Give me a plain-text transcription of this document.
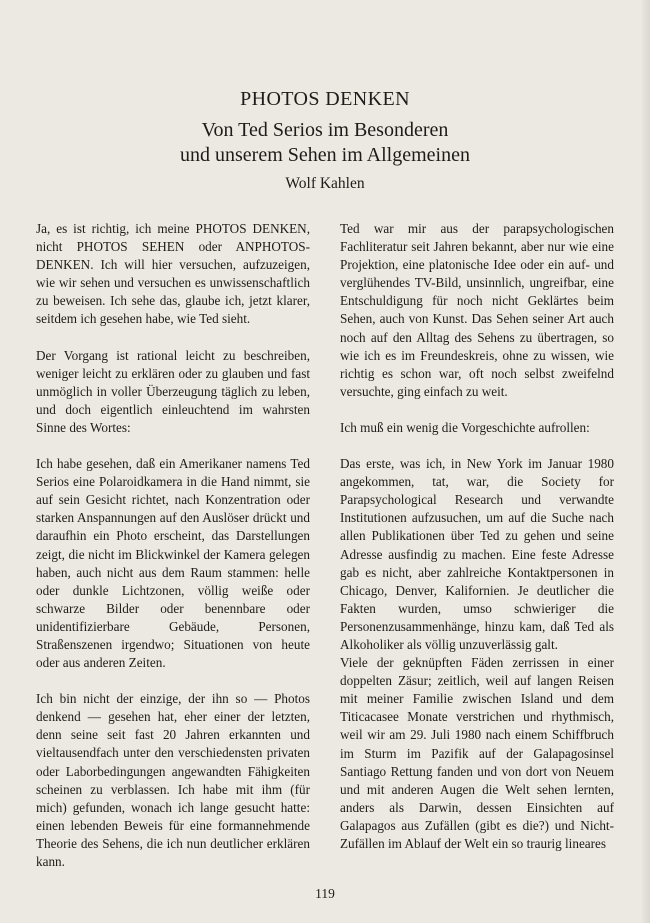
PHOTOS DENKEN
Von Ted Serios im Besonderen
und unserem Sehen im Allgemeinen
Wolf Kahlen

Ja, es ist richtig, ich meine PHOTOS DENKEN, nicht PHOTOS SEHEN oder ANPHOTOS-DENKEN. Ich will hier versuchen, aufzuzeigen, wie wir sehen und versuchen es unwissenschaftlich zu beweisen. Ich sehe das, glaube ich, jetzt klarer, seitdem ich gesehen habe, wie Ted sieht.

Der Vorgang ist rational leicht zu beschreiben, weniger leicht zu erklären oder zu glauben und fast unmöglich in voller Überzeugung täglich zu leben, und doch eigentlich einleuchtend im wahrsten Sinne des Wortes:

Ich habe gesehen, daß ein Amerikaner namens Ted Serios eine Polaroidkamera in die Hand nimmt, sie auf sein Gesicht richtet, nach Konzentration oder starken Anspannungen auf den Auslöser drückt und daraufhin ein Photo erscheint, das Darstellungen zeigt, die nicht im Blickwinkel der Kamera gelegen haben, auch nicht aus dem Raum stammen: helle oder dunkle Lichtzonen, völlig weiße oder schwarze Bilder oder benennbare oder unidentifizierbare Gebäude, Personen, Straßenszenen irgendwo; Situationen von heute oder aus anderen Zeiten.

Ich bin nicht der einzige, der ihn so — Photos denkend — gesehen hat, eher einer der letzten, denn seine seit fast 20 Jahren erkannten und vieltausendfach unter den verschiedensten privaten oder Laborbedingungen angewandten Fähigkeiten scheinen zu verblassen. Ich habe mit ihm (für mich) gefunden, wonach ich lange gesucht hatte: einen lebenden Beweis für eine formannehmende Theorie des Sehens, die ich nun deutlicher erklären kann.

Ted war mir aus der parapsychologischen Fachliteratur seit Jahren bekannt, aber nur wie eine Projektion, eine platonische Idee oder ein auf- und verglühendes TV-Bild, unsinnlich, ungreifbar, eine Entschuldigung für noch nicht Geklärtes beim Sehen, auch von Kunst. Das Sehen seiner Art auch noch auf den Alltag des Sehens zu übertragen, so wie ich es im Freundeskreis, ohne zu wissen, wie richtig es schon war, oft noch selbst zweifelnd versuchte, ging einfach zu weit.

Ich muß ein wenig die Vorgeschichte aufrollen:

Das erste, was ich, in New York im Januar 1980 angekommen, tat, war, die Society for Parapsychological Research und verwandte Institutionen aufzusuchen, um auf die Suche nach allen Publikationen über Ted zu gehen und seine Adresse ausfindig zu machen. Eine feste Adresse gab es nicht, aber zahlreiche Kontaktpersonen in Chicago, Denver, Kalifornien. Je deutlicher die Fakten wurden, umso schwieriger die Personenzusammenhänge, hinzu kam, daß Ted als Alkoholiker als völlig unzuverlässig galt.

Viele der geknüpften Fäden zerrissen in einer doppelten Zäsur; zeitlich, weil auf langen Reisen mit meiner Familie zwischen Island und dem Titicacasee Monate verstrichen und rhythmisch, weil wir am 29. Juli 1980 nach einem Schiffbruch im Sturm im Pazifik auf der Galapagosinsel Santiago Rettung fanden und von dort von Neuem und mit anderen Augen die Welt sehen lernten, anders als Darwin, dessen Einsichten auf Galapagos aus Zufällen (gibt es die?) und Nicht-Zufällen im Ablauf der Welt ein so traurig lineares

119
